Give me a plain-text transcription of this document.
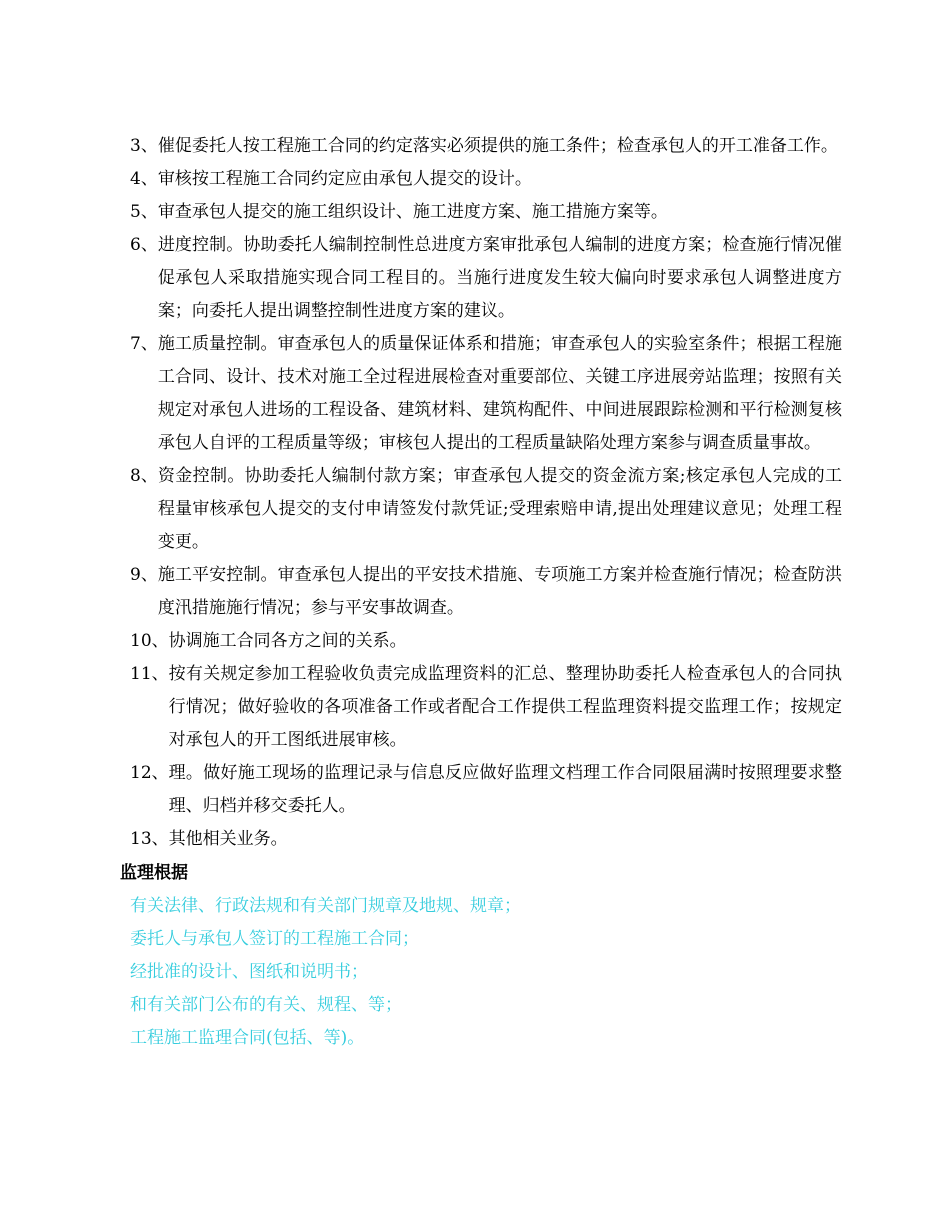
3、 催促委托人按工程施工合同的约定落实必须提供的施工条件；检查承包人的开工准备工作。
4、 审核按工程施工合同约定应由承包人提交的设计。
5、 审查承包人提交的施工组织设计、施工进度方案、施工措施方案等。
6、 进度控制。协助委托人编制控制性总进度方案审批承包人编制的进度方案；检查施行情况催促承包人采取措施实现合同工程目的。当施行进度发生较大偏向时要求承包人调整进度方案；向委托人提出调整控制性进度方案的建议。
7、 施工质量控制。审查承包人的质量保证体系和措施；审查承包人的实验室条件；根据工程施工合同、设计、技术对施工全过程进展检查对重要部位、关键工序进展旁站监理；按照有关规定对承包人进场的工程设备、建筑材料、建筑构配件、中间进展跟踪检测和平行检测复核承包人自评的工程质量等级；审核包人提出的工程质量缺陷处理方案参与调查质量事故。
8、 资金控制。协助委托人编制付款方案；审查承包人提交的资金流方案;核定承包人完成的工程量审核承包人提交的支付申请签发付款凭证;受理索赔申请,提出处理建议意见；处理工程变更。
9、 施工平安控制。审查承包人提出的平安技术措施、专项施工方案并检查施行情况；检查防洪度汛措施施行情况；参与平安事故调查。
10、 协调施工合同各方之间的关系。
11、 按有关规定参加工程验收负责完成监理资料的汇总、整理协助委托人检查承包人的合同执行情况；做好验收的各项准备工作或者配合工作提供工程监理资料提交监理工作；按规定对承包人的开工图纸进展审核。
12、 理。做好施工现场的监理记录与信息反应做好监理文档理工作合同限届满时按照理要求整理、归档并移交委托人。
13、 其他相关业务。
监理根据
有关法律、行政法规和有关部门规章及地规、规章；
委托人与承包人签订的工程施工合同；
经批准的设计、图纸和说明书；
和有关部门公布的有关、规程、等；
工程施工监理合同(包括、等)。
